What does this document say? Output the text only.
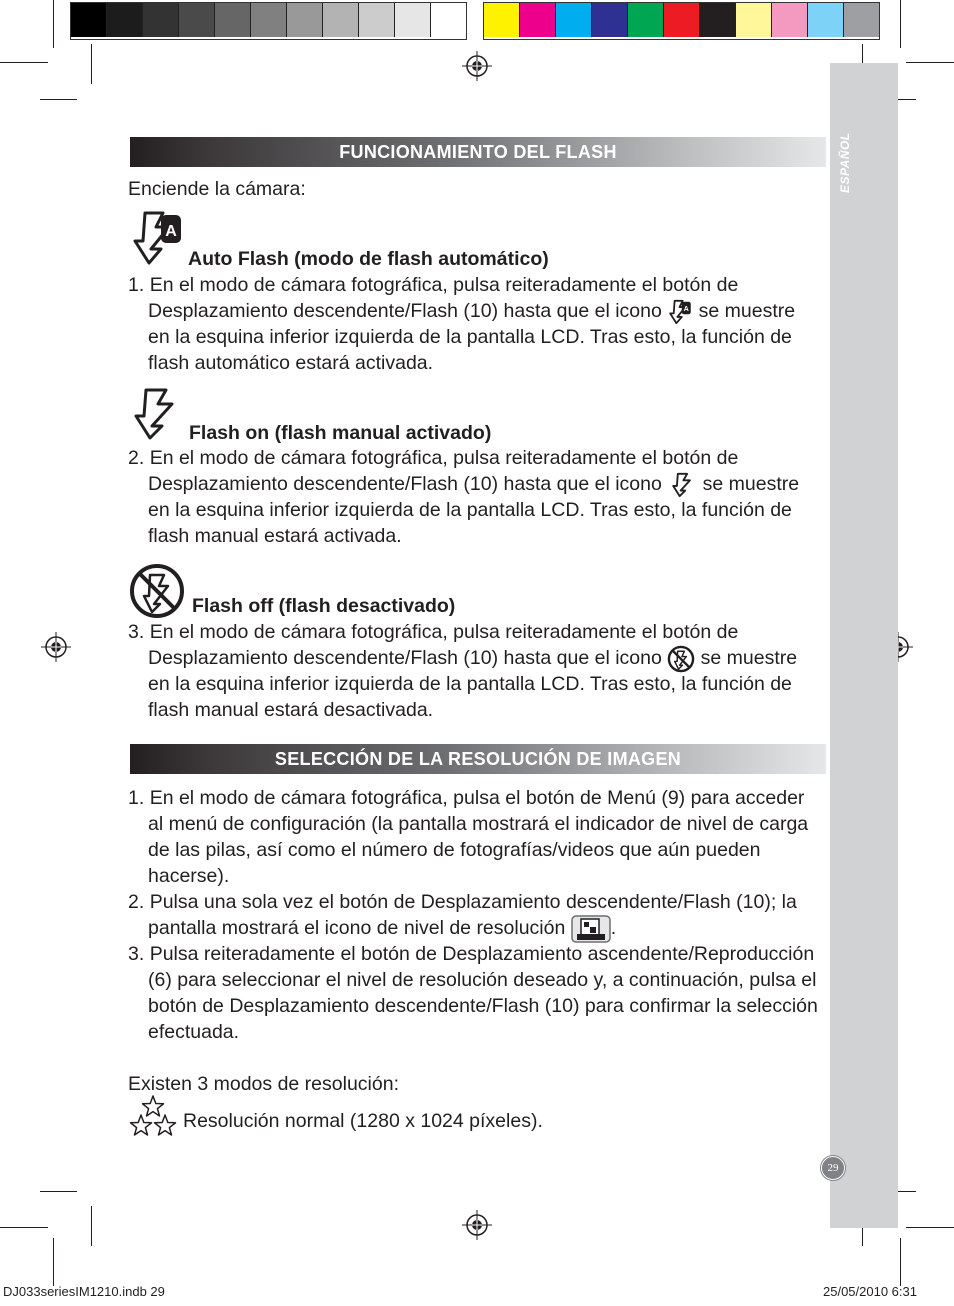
ESPAÑOL
29
FUNCIONAMIENTO DEL FLASH
Enciende la cámara:
A
Auto Flash (modo de flash automático)
1. En el modo de cámara fotográfica, pulsa reiteradamente el botón de
Desplazamiento descendente/Flash (10) hasta que el icono A se muestre
en la esquina inferior izquierda de la pantalla LCD. Tras esto, la función de
flash automático estará activada.
Flash on (flash manual activado)
2. En el modo de cámara fotográfica, pulsa reiteradamente el botón de
Desplazamiento descendente/Flash (10) hasta que el icono se muestre
en la esquina inferior izquierda de la pantalla LCD. Tras esto, la función de
flash manual estará activada.
Flash off (flash desactivado)
3. En el modo de cámara fotográfica, pulsa reiteradamente el botón de
Desplazamiento descendente/Flash (10) hasta que el icono se muestre
en la esquina inferior izquierda de la pantalla LCD. Tras esto, la función de
flash manual estará desactivada.
SELECCIÓN DE LA RESOLUCIÓN DE IMAGEN
1. En el modo de cámara fotográfica, pulsa el botón de Menú (9) para acceder
al menú de configuración (la pantalla mostrará el indicador de nivel de carga
de las pilas, así como el número de fotografías/videos que aún pueden
hacerse).
2. Pulsa una sola vez el botón de Desplazamiento descendente/Flash (10); la
pantalla mostrará el icono de nivel de resolución .
3. Pulsa reiteradamente el botón de Desplazamiento ascendente/Reproducción
(6) para seleccionar el nivel de resolución deseado y, a continuación, pulsa el
botón de Desplazamiento descendente/Flash (10) para confirmar la selección
efectuada.
Existen 3 modos de resolución:
Resolución normal (1280 x 1024 píxeles).
DJ033seriesIM1210.indb 29	25/05/2010 6:31
